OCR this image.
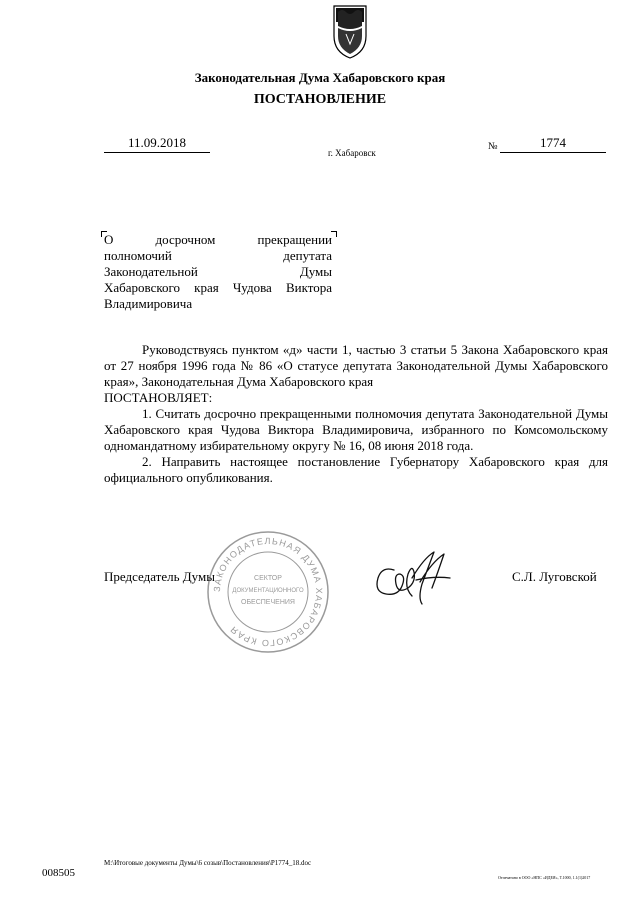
Законодательная Дума Хабаровского края
ПОСТАНОВЛЕНИЕ
11.09.2018
г. Хабаровск
№	1774
О досрочном прекращении
полномочий депутата
Законодательной Думы
Хабаровского края Чудова Виктора
Владимировича

Руководствуясь пунктом «д» части 1, частью 3 статьи 5 Закона Хабаровского края от 27 ноября 1996 года № 86 «О статусе депутата Законодательной Думы Хабаровского края», Законодательная Дума Хабаровского края

ПОСТАНОВЛЯЕТ:

1. Считать досрочно прекращенными полномочия депутата Законодательной Думы Хабаровского края Чудова Виктора Владимировича, избранного по Комсомольскому одномандатному избирательному округу № 16, 08 июня 2018 года.

2. Направить настоящее постановление Губернатору Хабаровского края для официального опубликования.

ЗАКОНОДАТЕЛЬНАЯ ДУМА ХАБАРОВСКОГО КРАЯ
СЕКТОР
ДОКУМЕНТАЦИОННОГО
ОБЕСПЕЧЕНИЯ
Председатель Думы	С.Л. Луговской
М:\Итоговые документы Думы\6 созыв\Постановления\Р1774_18.doc
008505	Отпечатано в ООО «НПС «ИДЕЯ», Т.1000, 1.1(1)2017
